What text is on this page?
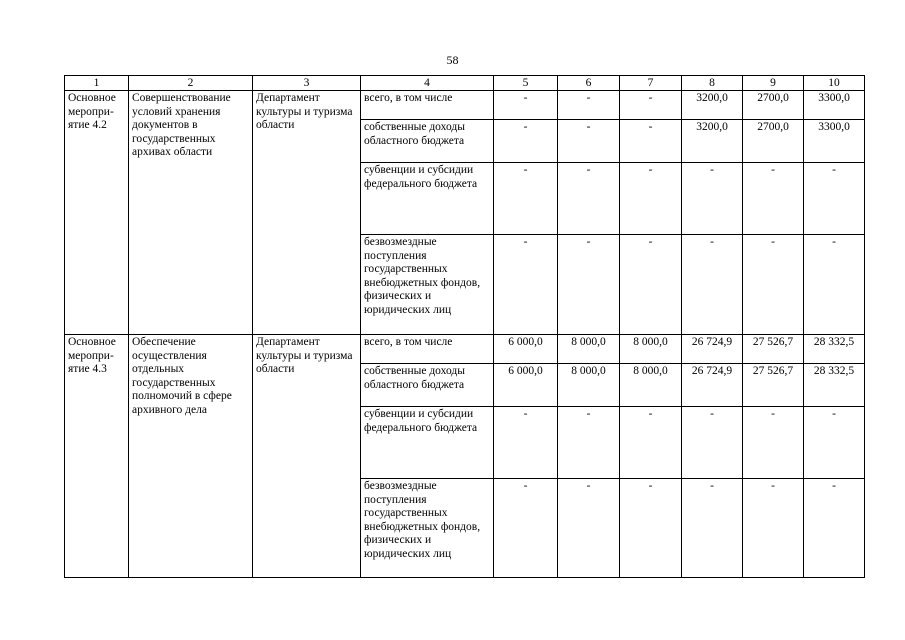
58
1	2	3	4	5	6	7	8	9	10
Основное меропри-ятие 4.2	Совершенствование условий хранения документов в государственных архивах области	Департамент культуры и туризма области	всего, в том числе	-	-	-	3200,0	2700,0	3300,0
			собственные доходы областного бюджета	-	-	-	3200,0	2700,0	3300,0
			субвенции и субсидии федерального бюджета	-	-	-	-	-	-
			безвозмездные поступления государственных внебюджетных фондов, физических и юридических лиц	-	-	-	-	-	-
Основное меропри-ятие 4.3	Обеспечение осуществления отдельных государственных полномочий в сфере архивного дела	Департамент культуры и туризма области	всего, в том числе	6 000,0	8 000,0	8 000,0	26 724,9	27 526,7	28 332,5
			собственные доходы областного бюджета	6 000,0	8 000,0	8 000,0	26 724,9	27 526,7	28 332,5
			субвенции и субсидии федерального бюджета	-	-	-	-	-	-
			безвозмездные поступления государственных внебюджетных фондов, физических и юридических лиц	-	-	-	-	-	-
